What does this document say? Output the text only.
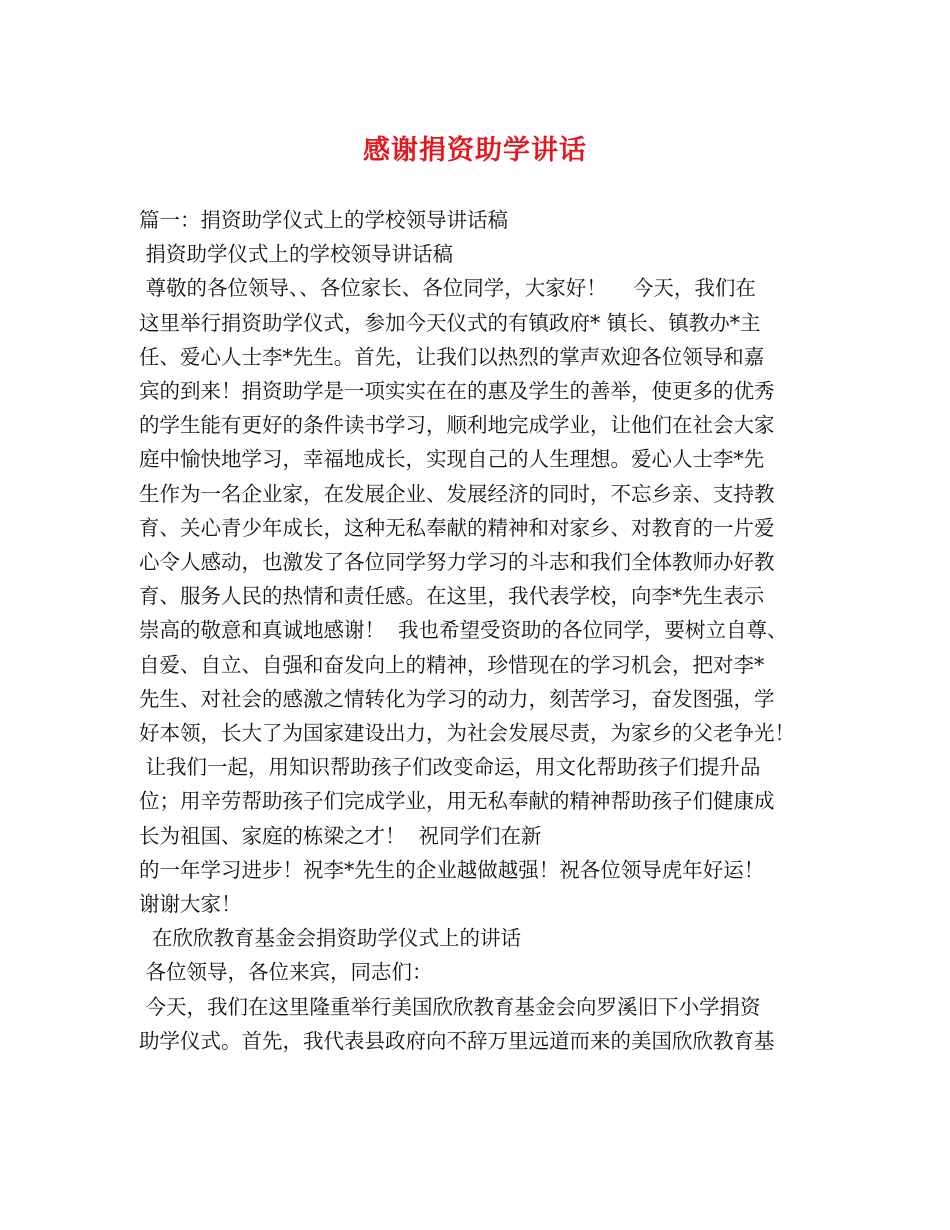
感谢捐资助学讲话
篇一：捐资助学仪式上的学校领导讲话稿
捐资助学仪式上的学校领导讲话稿
尊敬的各位领导、、各位家长、各位同学，大家好！    今天，我们在
这里举行捐资助学仪式，参加今天仪式的有镇政府* 镇长、镇教办*主
任、爱心人士李*先生。首先，让我们以热烈的掌声欢迎各位领导和嘉
宾的到来！捐资助学是一项实实在在的惠及学生的善举，使更多的优秀
的学生能有更好的条件读书学习，顺利地完成学业，让他们在社会大家
庭中愉快地学习，幸福地成长，实现自己的人生理想。爱心人士李*先
生作为一名企业家，在发展企业、发展经济的同时，不忘乡亲、支持教
育、关心青少年成长，这种无私奉献的精神和对家乡、对教育的一片爱
心令人感动，也激发了各位同学努力学习的斗志和我们全体教师办好教
育、服务人民的热情和责任感。在这里，我代表学校，向李*先生表示
崇高的敬意和真诚地感谢！  我也希望受资助的各位同学，要树立自尊、
自爱、自立、自强和奋发向上的精神，珍惜现在的学习机会，把对李*
先生、对社会的感激之情转化为学习的动力，刻苦学习，奋发图强，学
好本领，长大了为国家建设出力，为社会发展尽责，为家乡的父老争光！
让我们一起，用知识帮助孩子们改变命运，用文化帮助孩子们提升品
位；用辛劳帮助孩子们完成学业，用无私奉献的精神帮助孩子们健康成
长为祖国、家庭的栋梁之才！  祝同学们在新
的一年学习进步！祝李*先生的企业越做越强！祝各位领导虎年好运！
谢谢大家！
在欣欣教育基金会捐资助学仪式上的讲话
各位领导，各位来宾，同志们：
今天，我们在这里隆重举行美国欣欣教育基金会向罗溪旧下小学捐资
助学仪式。首先，我代表县政府向不辞万里远道而来的美国欣欣教育基
